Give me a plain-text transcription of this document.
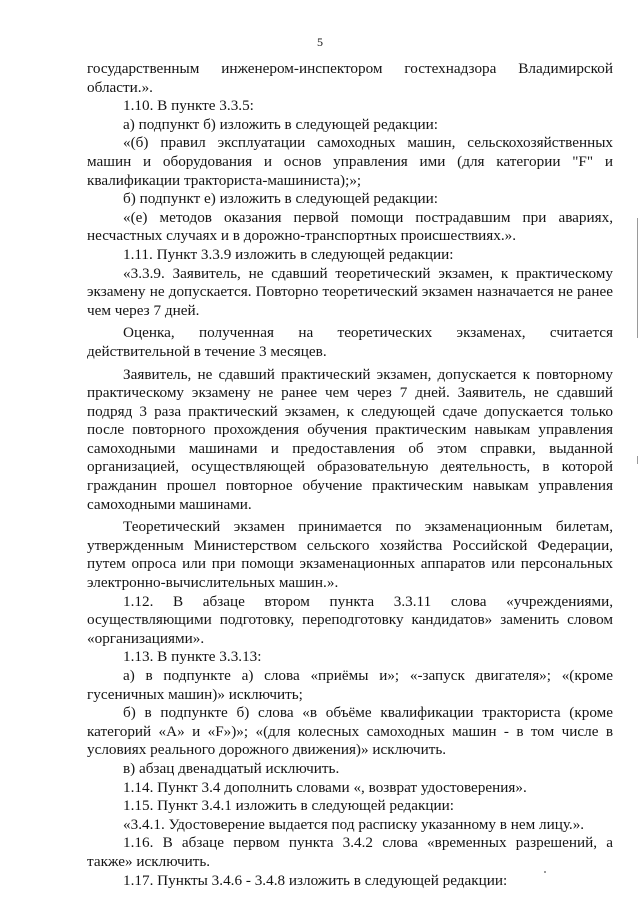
5

государственным инженером-инспектором гостехнадзора Владимирской области.».

1.10. В пункте 3.3.5:

а) подпункт б) изложить в следующей редакции:

«(б) правил эксплуатации самоходных машин, сельскохозяйственных машин и оборудования и основ управления ими (для категории "F" и квалификации тракториста-машиниста);»;

б) подпункт е) изложить в следующей редакции:

«(е) методов оказания первой помощи пострадавшим при авариях, несчастных случаях и в дорожно-транспортных происшествиях.».

1.11. Пункт 3.3.9 изложить в следующей редакции:

«3.3.9. Заявитель, не сдавший теоретический экзамен, к практическому экзамену не допускается. Повторно теоретический экзамен назначается не ранее чем через 7 дней.

Оценка, полученная на теоретических экзаменах, считается действительной в течение 3 месяцев.

Заявитель, не сдавший практический экзамен, допускается к повторному практическому экзамену не ранее чем через 7 дней. Заявитель, не сдавший подряд 3 раза практический экзамен, к следующей сдаче допускается только после повторного прохождения обучения практическим навыкам управления самоходными машинами и предоставления об этом справки, выданной организацией, осуществляющей образовательную деятельность, в которой гражданин прошел повторное обучение практическим навыкам управления самоходными машинами.

Теоретический экзамен принимается по экзаменационным билетам, утвержденным Министерством сельского хозяйства Российской Федерации, путем опроса или при помощи экзаменационных аппаратов или персональных электронно-вычислительных машин.».

1.12. В абзаце втором пункта 3.3.11 слова «учреждениями, осуществляющими подготовку, переподготовку кандидатов» заменить словом «организациями».

1.13. В пункте 3.3.13:

а) в подпункте а) слова «приёмы и»; «-запуск двигателя»; «(кроме гусеничных машин)» исключить;

б) в подпункте б) слова «в объёме квалификации тракториста (кроме категорий «A» и «F»)»; «(для колесных самоходных машин - в том числе в условиях реального дорожного движения)» исключить.

в) абзац двенадцатый исключить.

1.14. Пункт 3.4 дополнить словами «, возврат удостоверения».

1.15. Пункт 3.4.1 изложить в следующей редакции:

«3.4.1. Удостоверение выдается под расписку указанному в нем лицу.».

1.16. В абзаце первом пункта 3.4.2 слова «временных разрешений, а также» исключить.

1.17. Пункты 3.4.6 - 3.4.8 изложить в следующей редакции:
